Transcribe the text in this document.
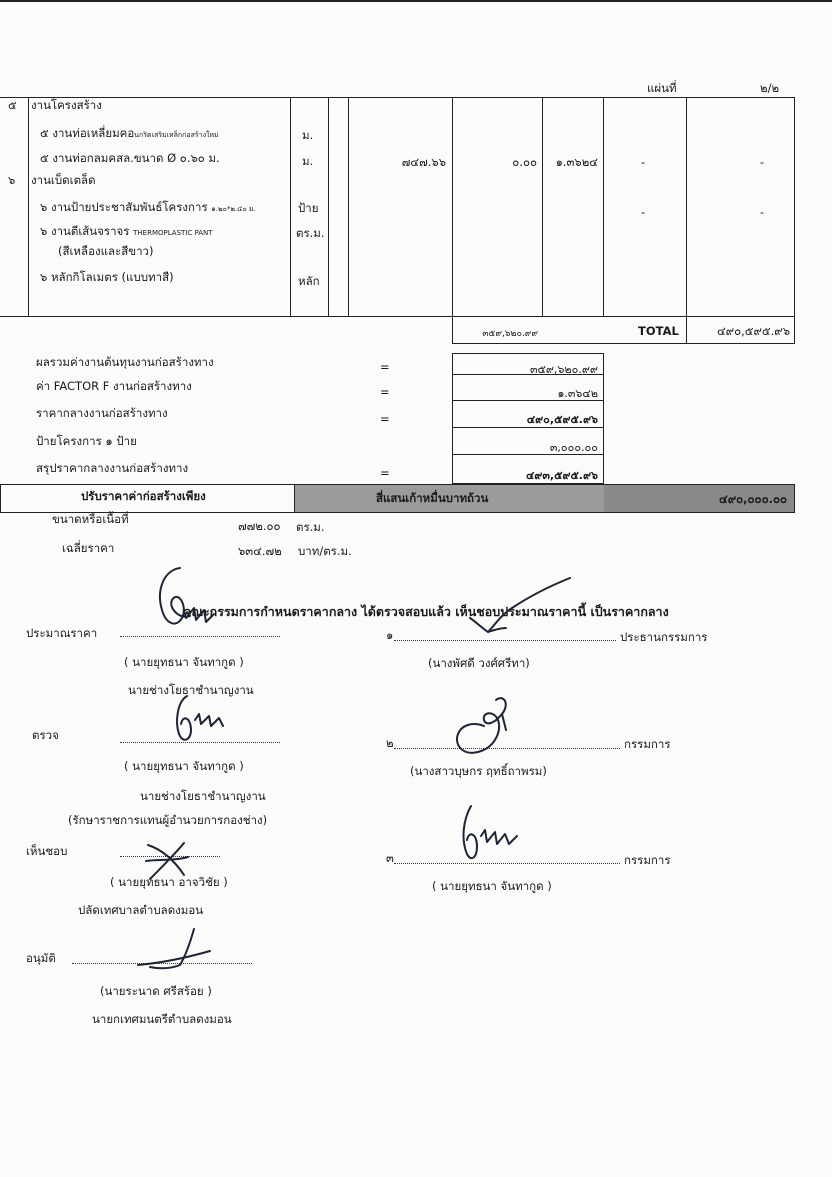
แผ่นที่	๒/๒
๕ งานโครงสร้าง
๕ งานท่อเหลี่ยมคอนกริตเสริมเหล็กก่อสร้างใหม่	ม.
๕ งานท่อกลมคสล.ขนาด Ø ๐.๖๐ ม.	ม.	๗๔๗.๖๖	๐.๐๐	๑.๓๖๒๔	-	-
๖ งานเบ็ดเตล็ด
๖ งานป้ายประชาสัมพันธ์โครงการ ๑.๒๐*๒.๔๐ ม.	ป้าย	-	-
๖ งานตีเส้นจราจร THERMOPLASTIC PANT	ตร.ม.
(สีเหลืองและสีขาว)
๖ หลักกิโลเมตร (แบบทาสี)	หลัก
๓๕๙,๖๒๐.๙๙	TOTAL	๔๙๐,๕๙๕.๙๖
ผลรวมค่างานต้นทุนงานก่อสร้างทาง	=	๓๕๙,๖๒๐.๙๙
ค่า FACTOR F งานก่อสร้างทาง	=	๑.๓๖๔๒
ราคากลางงานก่อสร้างทาง	=	๔๙๐,๕๙๕.๙๖
ป้ายโครงการ ๑ ป้าย	๓,๐๐๐.๐๐
สรุปราคากลางงานก่อสร้างทาง	=	๔๙๓,๕๙๕.๙๖
ปรับราคาค่าก่อสร้างเพียง	สี่แสนเก้าหมื่นบาทถ้วน	๔๙๐,๐๐๐.๐๐
ขนาดหรือเนื้อที่	๗๗๒.๐๐ ตร.ม.
เฉลี่ยราคา	๖๓๔.๗๒ บาท/ตร.ม.
คณะกรรมการกำหนดราคากลาง ได้ตรวจสอบแล้ว เห็นชอบประมาณราคานี้ เป็นราคากลาง
ประมาณราคา
( นายยุทธนา จันทากูด )
นายช่างโยธาชำนาญงาน
ตรวจ
( นายยุทธนา จันทากูด )
นายช่างโยธาชำนาญงาน
(รักษาราชการแทนผู้อำนวยการกองช่าง)
เห็นชอบ
( นายยุทธนา อาจวิชัย )
ปลัดเทศบาลตำบลดงมอน
อนุมัติ
(นายระนาด ศรีสร้อย )
นายกเทศมนตรีตำบลดงมอน
๑	ประธานกรรมการ
(นางพัศดี วงศ์ศรีทา)
๒	กรรมการ
(นางสาวบุษกร ฤทธิ์ถาพรม)
๓	กรรมการ
( นายยุทธนา จันทากูด )
